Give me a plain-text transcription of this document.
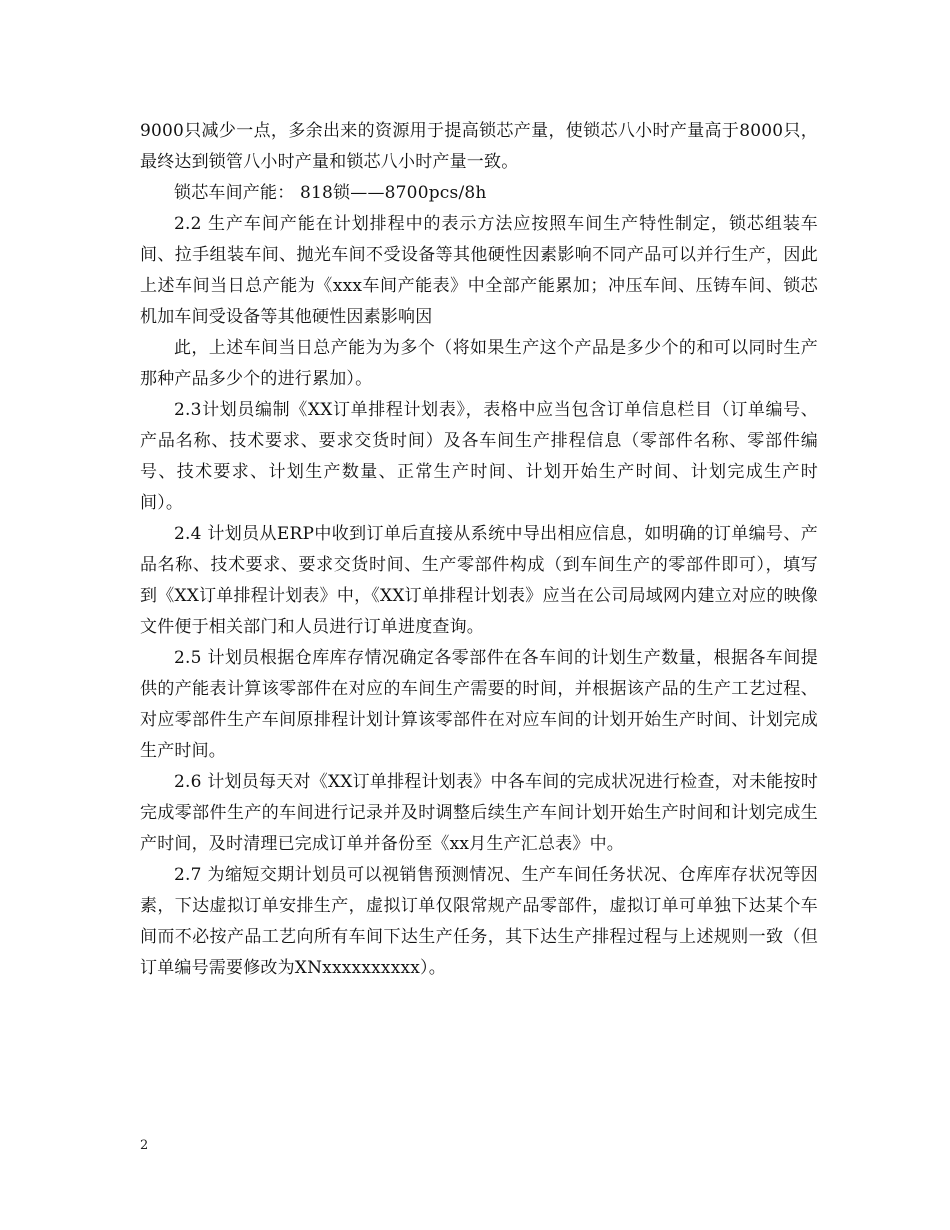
9000只减少一点，多余出来的资源用于提高锁芯产量，使锁芯八小时产量高于8000只，最终达到锁管八小时产量和锁芯八小时产量一致。

锁芯车间产能： 818锁——8700pcs/8h

2.2 生产车间产能在计划排程中的表示方法应按照车间生产特性制定，锁芯组装车间、拉手组装车间、抛光车间不受设备等其他硬性因素影响不同产品可以并行生产，因此上述车间当日总产能为《xxx车间产能表》中全部产能累加；冲压车间、压铸车间、锁芯机加车间受设备等其他硬性因素影响因

此，上述车间当日总产能为为多个（将如果生产这个产品是多少个的和可以同时生产那种产品多少个的进行累加）。

2.3计划员编制《XX订单排程计划表》，表格中应当包含订单信息栏目（订单编号、产品名称、技术要求、要求交货时间）及各车间生产排程信息（零部件名称、零部件编号、技术要求、计划生产数量、正常生产时间、计划开始生产时间、计划完成生产时间）。

2.4 计划员从ERP中收到订单后直接从系统中导出相应信息，如明确的订单编号、产品名称、技术要求、要求交货时间、生产零部件构成（到车间生产的零部件即可），填写到《XX订单排程计划表》中，《XX订单排程计划表》应当在公司局域网内建立对应的映像文件便于相关部门和人员进行订单进度查询。

2.5 计划员根据仓库库存情况确定各零部件在各车间的计划生产数量，根据各车间提供的产能表计算该零部件在对应的车间生产需要的时间，并根据该产品的生产工艺过程、对应零部件生产车间原排程计划计算该零部件在对应车间的计划开始生产时间、计划完成生产时间。

2.6 计划员每天对《XX订单排程计划表》中各车间的完成状况进行检查，对未能按时完成零部件生产的车间进行记录并及时调整后续生产车间计划开始生产时间和计划完成生产时间，及时清理已完成订单并备份至《xx月生产汇总表》中。

2.7 为缩短交期计划员可以视销售预测情况、生产车间任务状况、仓库库存状况等因素，下达虚拟订单安排生产，虚拟订单仅限常规产品零部件，虚拟订单可单独下达某个车间而不必按产品工艺向所有车间下达生产任务，其下达生产排程过程与上述规则一致（但订单编号需要修改为XNxxxxxxxxxx）。

2
